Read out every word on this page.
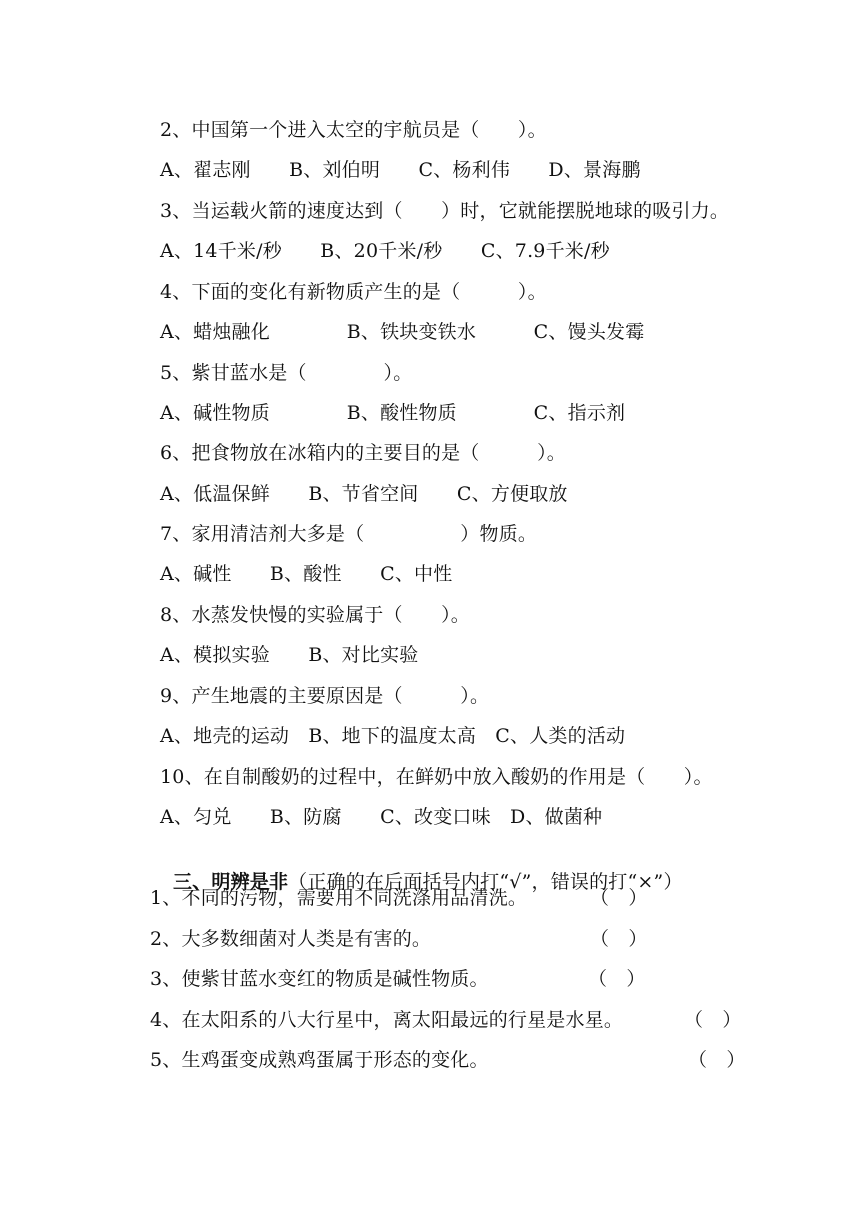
2、中国第一个进入太空的宇航员是（　　）。
A、翟志刚　　B、刘伯明　　C、杨利伟　　D、景海鹏
3、当运载火箭的速度达到（　　）时，它就能摆脱地球的吸引力。
A、14千米/秒　　B、20千米/秒　　C、7.9千米/秒
4、下面的变化有新物质产生的是（　　　）。
A、蜡烛融化　　　　B、铁块变铁水　　　C、馒头发霉
5、紫甘蓝水是（　　　　）。
A、碱性物质　　　　B、酸性物质　　　　C、指示剂
6、把食物放在冰箱内的主要目的是（　　　）。
A、低温保鲜　　B、节省空间　　C、方便取放
7、家用清洁剂大多是（　　　　　）物质。
A、碱性　　B、酸性　　C、中性
8、水蒸发快慢的实验属于（　　）。
A、模拟实验　　B、对比实验
9、产生地震的主要原因是（　　　）。
A、地壳的运动　B、地下的温度太高　C、人类的活动
10、在自制酸奶的过程中，在鲜奶中放入酸奶的作用是（　　）。
A、匀兑　　B、防腐　　C、改变口味　D、做菌种

三、明辨是非（正确的在后面括号内打“√”，错误的打“×”）

1、不同的污物，需要用不同洗涤用品清洗。	（　）
2、大多数细菌对人类是有害的。	（　）
3、使紫甘蓝水变红的物质是碱性物质。	（　）
4、在太阳系的八大行星中，离太阳最远的行星是水星。	（　）
5、生鸡蛋变成熟鸡蛋属于形态的变化。	（　）
